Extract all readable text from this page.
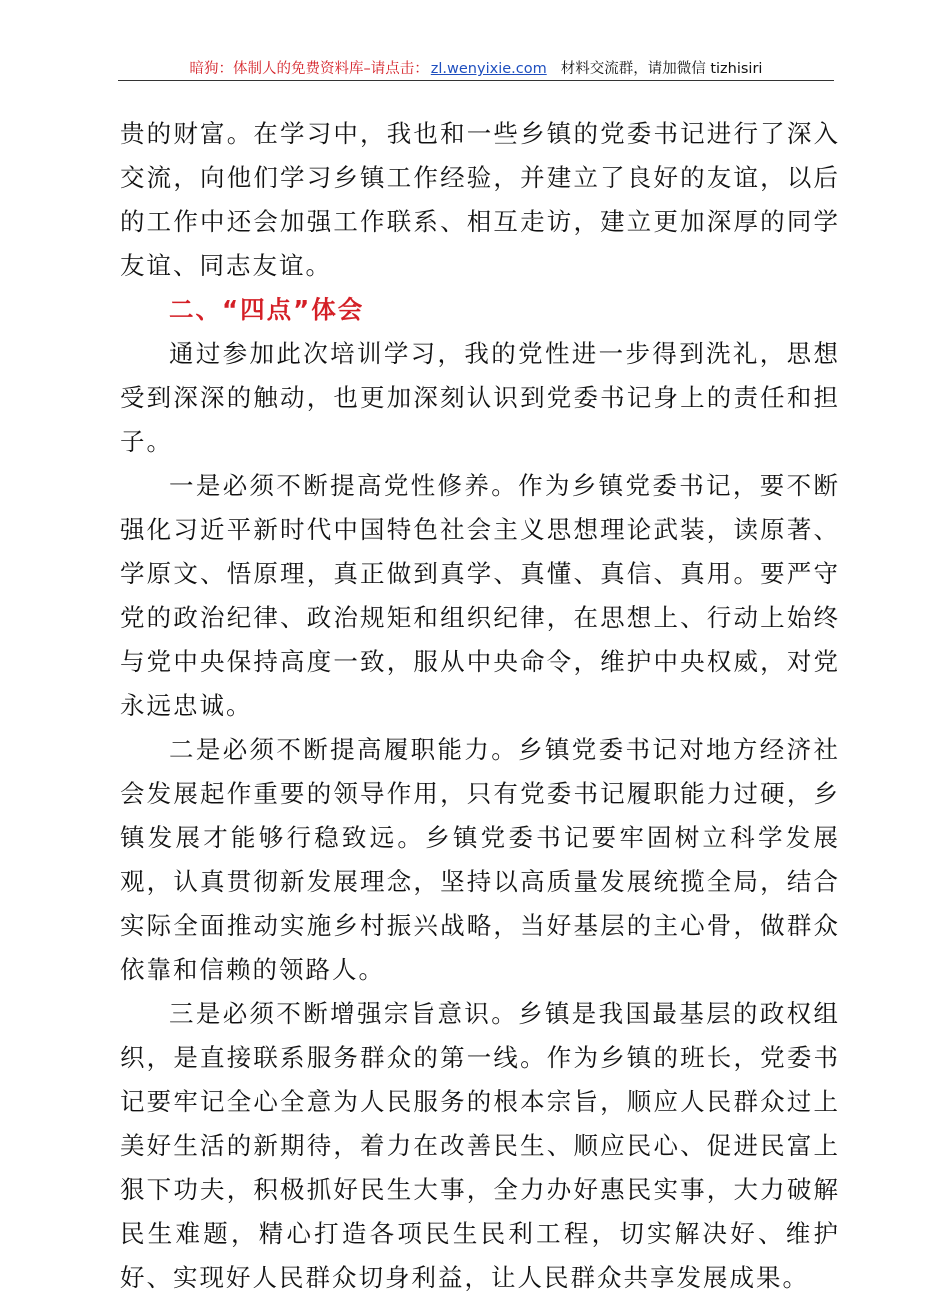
暗狗：体制人的免费资料库–请点击： zl.wenyixie.com 材料交流群，请加微信 tizhisiri

贵的财富。在学习中，我也和一些乡镇的党委书记进行了深入交流，向他们学习乡镇工作经验，并建立了良好的友谊，以后的工作中还会加强工作联系、相互走访，建立更加深厚的同学友谊、同志友谊。

二、“四点”体会

通过参加此次培训学习，我的党性进一步得到洗礼，思想受到深深的触动，也更加深刻认识到党委书记身上的责任和担子。

一是必须不断提高党性修养。作为乡镇党委书记，要不断强化习近平新时代中国特色社会主义思想理论武装，读原著、学原文、悟原理，真正做到真学、真懂、真信、真用。要严守党的政治纪律、政治规矩和组织纪律，在思想上、行动上始终与党中央保持高度一致，服从中央命令，维护中央权威，对党永远忠诚。

二是必须不断提高履职能力。乡镇党委书记对地方经济社会发展起作重要的领导作用，只有党委书记履职能力过硬，乡镇发展才能够行稳致远。乡镇党委书记要牢固树立科学发展观，认真贯彻新发展理念，坚持以高质量发展统揽全局，结合实际全面推动实施乡村振兴战略，当好基层的主心骨，做群众依靠和信赖的领路人。

三是必须不断增强宗旨意识。乡镇是我国最基层的政权组织，是直接联系服务群众的第一线。作为乡镇的班长，党委书记要牢记全心全意为人民服务的根本宗旨，顺应人民群众过上美好生活的新期待，着力在改善民生、顺应民心、促进民富上狠下功夫，积极抓好民生大事，全力办好惠民实事，大力破解民生难题，精心打造各项民生民利工程，切实解决好、维护好、实现好人民群众切身利益，让人民群众共享发展成果。
